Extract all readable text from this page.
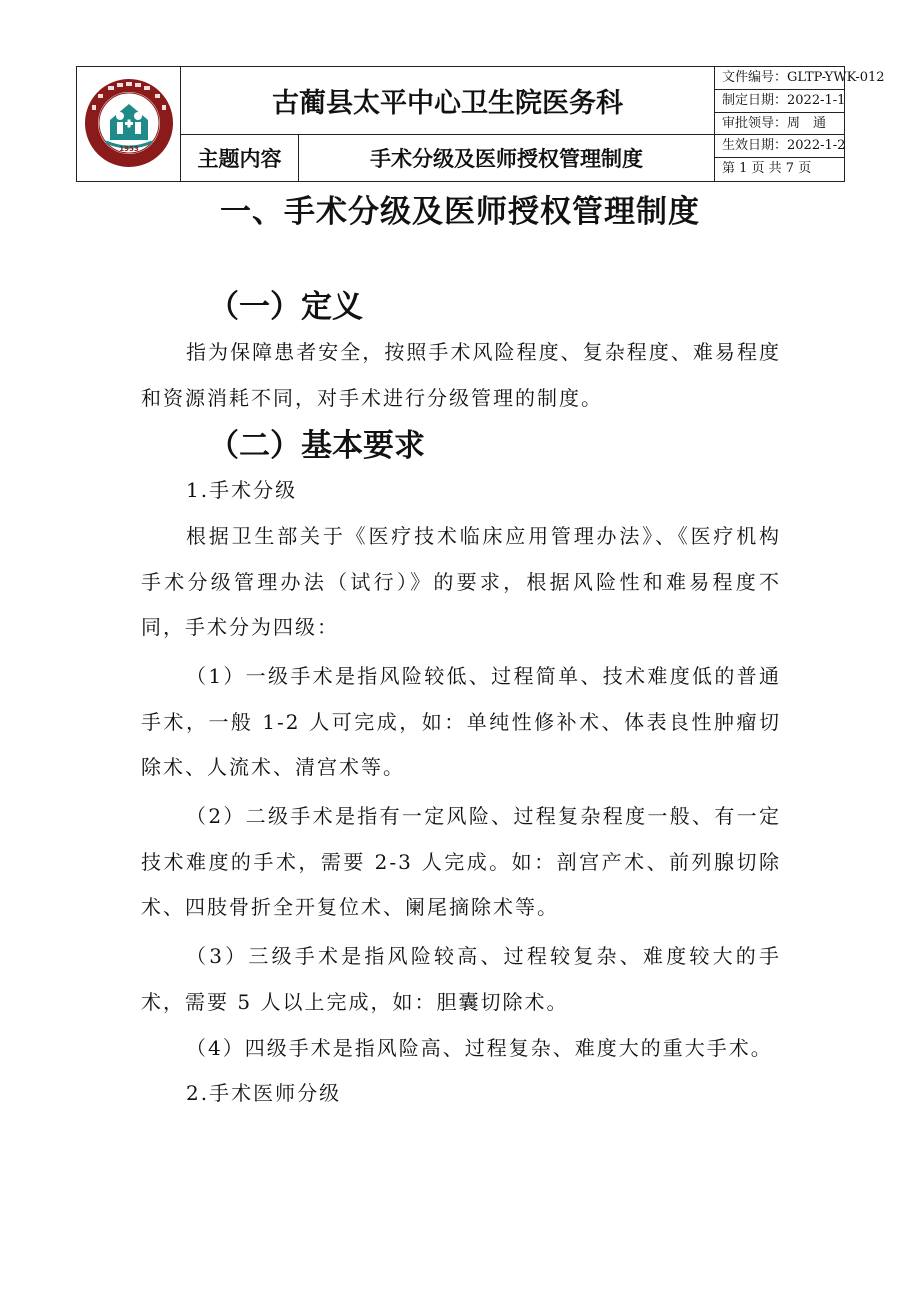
1953
古蔺县太平中心卫生院医务科
主题内容	手术分级及医师授权管理制度
文件编号：GLTP-YWK-012
制定日期：2022-1-1
审批领导：周　通
生效日期：2022-1-2
第 1 页 共 7 页
一、手术分级及医师授权管理制度
（一）定义
指为保障患者安全，按照手术风险程度、复杂程度、难易程度和资源消耗不同，对手术进行分级管理的制度。
（二）基本要求
1.手术分级
根据卫生部关于《医疗技术临床应用管理办法》、《医疗机构手术分级管理办法（试行）》的要求，根据风险性和难易程度不同，手术分为四级：
（1）一级手术是指风险较低、过程简单、技术难度低的普通手术，一般 1-2 人可完成，如：单纯性修补术、体表良性肿瘤切除术、人流术、清宫术等。
（2）二级手术是指有一定风险、过程复杂程度一般、有一定技术难度的手术，需要 2-3 人完成。如：剖宫产术、前列腺切除术、四肢骨折全开复位术、阑尾摘除术等。
（3）三级手术是指风险较高、过程较复杂、难度较大的手术，需要 5 人以上完成，如：胆囊切除术。
（4）四级手术是指风险高、过程复杂、难度大的重大手术。
2.手术医师分级
